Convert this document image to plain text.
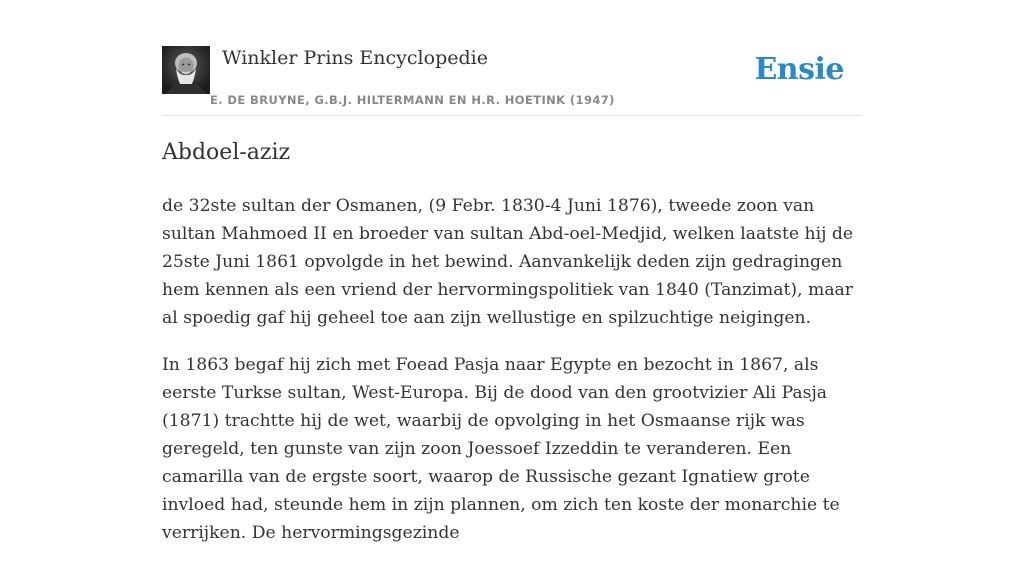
Winkler Prins Encyclopedie
E. DE BRUYNE, G.B.J. HILTERMANN EN H.R. HOETINK (1947)
Ensie
Abdoel-aziz

de 32ste sultan der Osmanen, (9 Febr. 1830-4 Juni 1876), tweede zoon van sultan Mahmoed II en broeder van sultan Abd-oel-Medjid, welken laatste hij de 25ste Juni 1861 opvolgde in het bewind. Aanvankelijk deden zijn gedragingen hem kennen als een vriend der hervormingspolitiek van 1840 (Tanzimat), maar al spoedig gaf hij geheel toe aan zijn wellustige en spilzuchtige neigingen.

In 1863 begaf hij zich met Foead Pasja naar Egypte en bezocht in 1867, als eerste Turkse sultan, West-Europa. Bij de dood van den grootvizier Ali Pasja (1871) trachtte hij de wet, waarbij de opvolging in het Osmaanse rijk was geregeld, ten gunste van zijn zoon Joessoef Izzeddin te veranderen. Een camarilla van de ergste soort, waarop de Russische gezant Ignatiew grote invloed had, steunde hem in zijn plannen, om zich ten koste der monarchie te verrijken. De hervormingsgezinde
